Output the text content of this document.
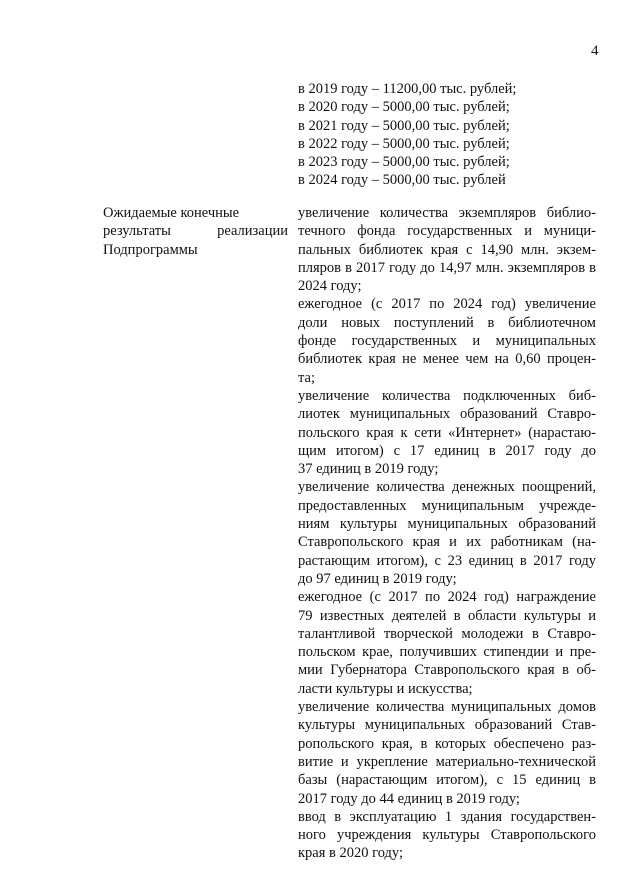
4
в 2019 году – 11200,00 тыс. рублей;
в 2020 году – 5000,00 тыс. рублей;
в 2021 году – 5000,00 тыс. рублей;
в 2022 году – 5000,00 тыс. рублей;
в 2023 году – 5000,00 тыс. рублей;
в 2024 году – 5000,00 тыс. рублей
Ожидаемые конечные
результаты	реализации
Подпрограммы
увеличение количества экземпляров библио-
течного фонда государственных и муници-
пальных библиотек края с 14,90 млн. экзем-
пляров в 2017 году до 14,97 млн. экземпляров в
2024 году;
ежегодное (с 2017 по 2024 год) увеличение
доли новых поступлений в библиотечном
фонде государственных и муниципальных
библиотек края не менее чем на 0,60 процен-
та;
увеличение количества подключенных биб-
лиотек муниципальных образований Ставро-
польского края к сети «Интернет» (нарастаю-
щим итогом) с 17 единиц в 2017 году до
37 единиц в 2019 году;
увеличение количества денежных поощрений,
предоставленных муниципальным учрежде-
ниям культуры муниципальных образований
Ставропольского края и их работникам (на-
растающим итогом), с 23 единиц в 2017 году
до 97 единиц в 2019 году;
ежегодное (с 2017 по 2024 год) награждение
79 известных деятелей в области культуры и
талантливой творческой молодежи в Ставро-
польском крае, получивших стипендии и пре-
мии Губернатора Ставропольского края в об-
ласти культуры и искусства;
увеличение количества муниципальных домов
культуры муниципальных образований Став-
ропольского края, в которых обеспечено раз-
витие и укрепление материально-технической
базы (нарастающим итогом), с 15 единиц в
2017 году до 44 единиц в 2019 году;
ввод в эксплуатацию 1 здания государствен-
ного учреждения культуры Ставропольского
края в 2020 году;
